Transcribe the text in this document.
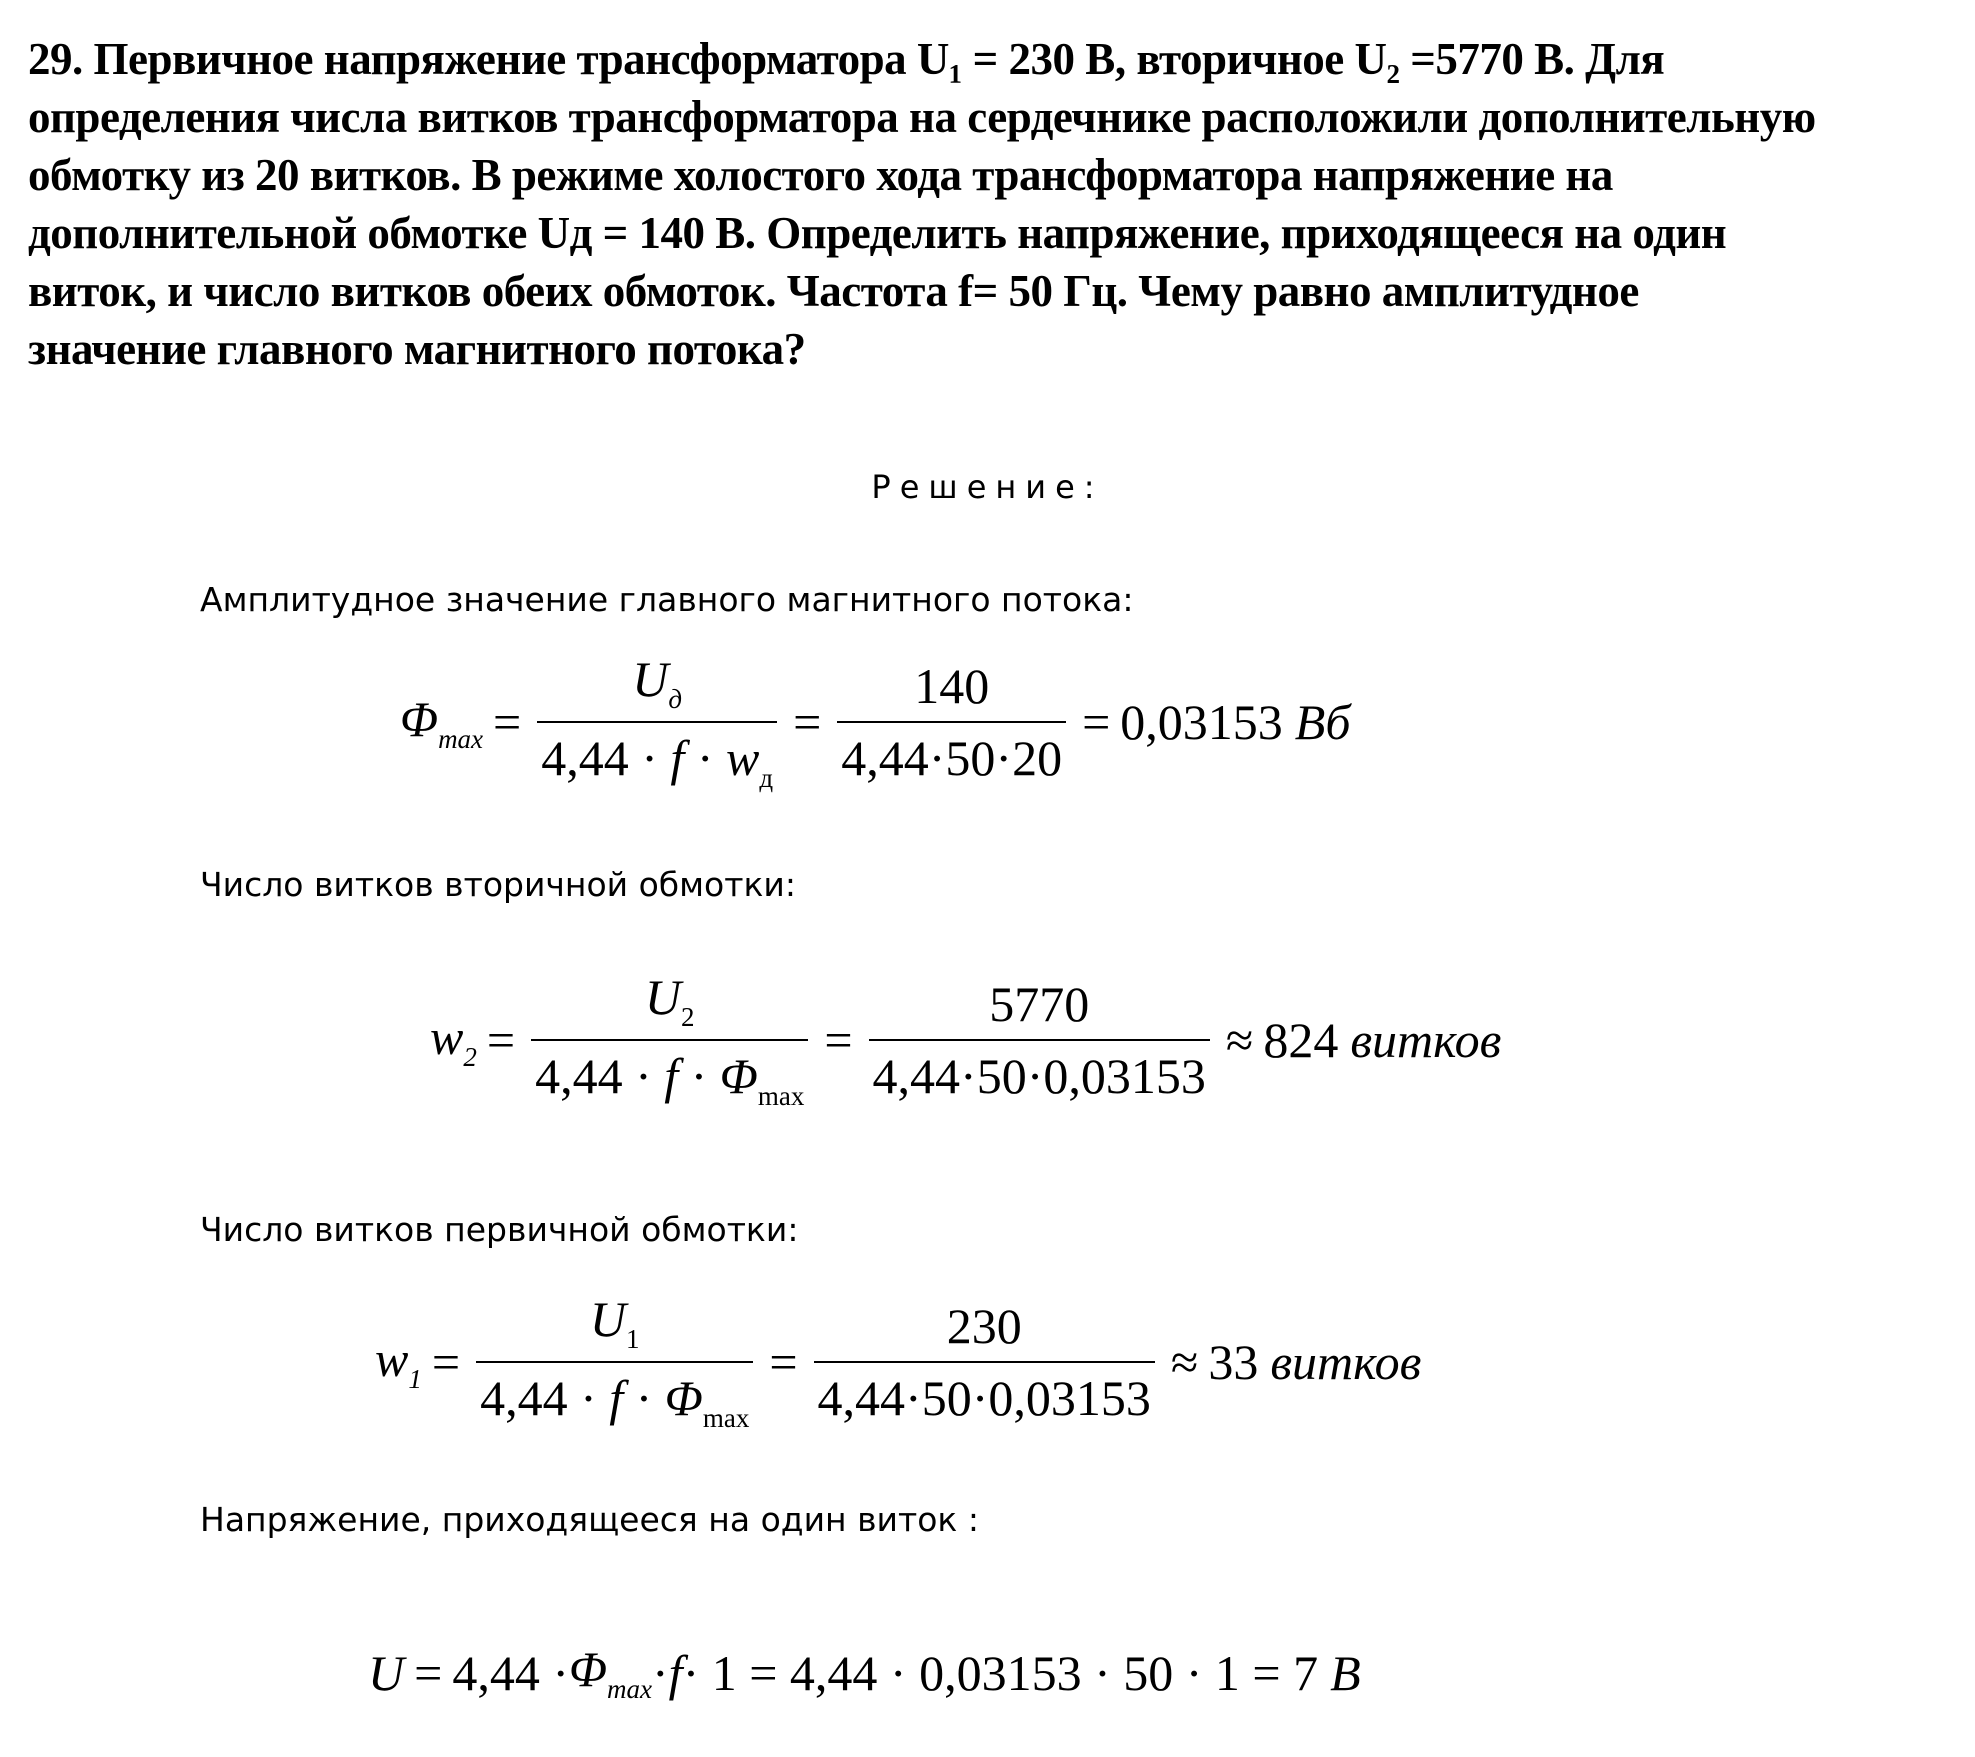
29. Первичное напряжение трансформатора U₁ = 230 В, вторичное U₂ =5770 В. Для
определения числа витков трансформатора на сердечнике расположили дополнительную
обмотку из 20 витков. В режиме холостого хода трансформатора напряжение на
дополнительной обмотке Uд = 140 В. Определить напряжение, приходящееся на один
виток, и число витков обеих обмоток. Частота f= 50 Гц. Чему равно амплитудное
значение главного магнитного потока?
Решение:
Амплитудное значение главного магнитного потока:
$\Phi_{max} = \frac{U_д}{4,44 \cdot f \cdot w_д} = \frac{140}{4,44\cdot 50\cdot 20} = 0,03153$ Вб
Число витков вторичной обмотки:
$w_2 = \frac{U_2}{4,44 \cdot f \cdot \Phi_{max}} = \frac{5770}{4,44\cdot 50\cdot 0,03153} \approx 824$ витков
Число витков первичной обмотки:
$w_1 = \frac{U_1}{4,44 \cdot f \cdot \Phi_{max}} = \frac{230}{4,44\cdot 50\cdot 0,03153} \approx 33$ витков
Напряжение, приходящееся на один виток :
$U = 4,44 \cdot \Phi_{max} \cdot f \cdot 1 = 4,44 \cdot 0,03153 \cdot 50 \cdot 1 = 7$ В
